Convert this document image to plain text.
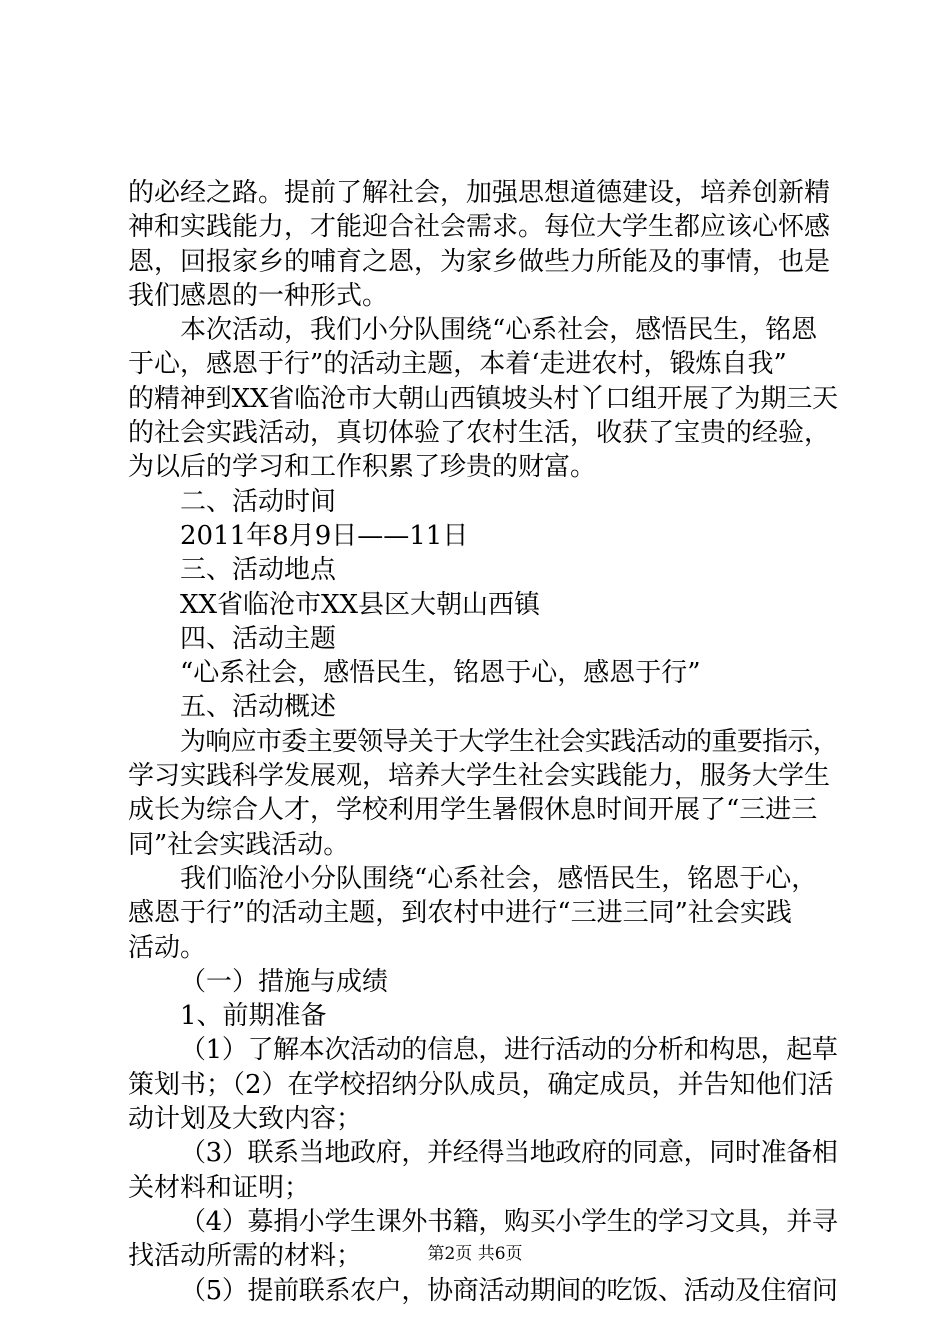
的必经之路。提前了解社会，加强思想道德建设，培养创新精
神和实践能力，才能迎合社会需求。每位大学生都应该心怀感
恩，回报家乡的哺育之恩，为家乡做些力所能及的事情，也是
我们感恩的一种形式。
本次活动，我们小分队围绕“心系社会，感悟民生，铭恩
于心，感恩于行”的活动主题，本着‘走进农村，锻炼自我”
的精神到XX省临沧市大朝山西镇坡头村丫口组开展了为期三天
的社会实践活动，真切体验了农村生活，收获了宝贵的经验，
为以后的学习和工作积累了珍贵的财富。
二、活动时间
2011年8月9日——11日
三、活动地点
XX省临沧市XX县区大朝山西镇
四、活动主题
“心系社会，感悟民生，铭恩于心，感恩于行”
五、活动概述
为响应市委主要领导关于大学生社会实践活动的重要指示，
学习实践科学发展观，培养大学生社会实践能力，服务大学生
成长为综合人才，学校利用学生暑假休息时间开展了“三进三
同”社会实践活动。
我们临沧小分队围绕“心系社会，感悟民生，铭恩于心，
感恩于行”的活动主题，到农村中进行“三进三同”社会实践
活动。
（一）措施与成绩
1、前期准备
（1）了解本次活动的信息，进行活动的分析和构思，起草
策划书；（2）在学校招纳分队成员，确定成员，并告知他们活
动计划及大致内容；
（3）联系当地政府，并经得当地政府的同意，同时准备相
关材料和证明；
（4）募捐小学生课外书籍，购买小学生的学习文具，并寻
找活动所需的材料；
（5）提前联系农户，协商活动期间的吃饭、活动及住宿问
第2页 共6页
